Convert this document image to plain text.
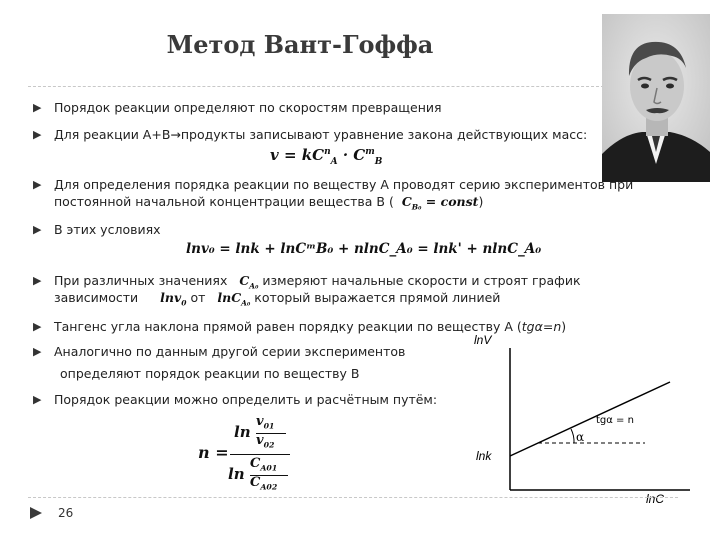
Метод Вант-Гоффа
▶ Порядок реакции определяют по скоростям превращения
▶ Для реакции A+B→продукты записывают уравнение закона действующих масс:
$v = kC^n_A \cdot C^m_B$
▶ Для определения порядка реакции по веществу A проводят серию экспериментов при
постоянной начальной концентрации вещества B ( $C_{B_0}$ = const)
▶ В этих условиях
lnv₀ = lnk + lnCᵐB₀ + nlnC_A₀ = lnk' + nlnC_A₀
▶ При различных значениях $C_{A_0}$ измеряют начальные скорости и строят график
зависимости lnv$_0$ от lnC$_{A_0}$ который выражается прямой линией
▶ Тангенс угла наклона прямой равен порядку реакции по веществу A (tgα=n)
▶ Аналогично по данным другой серии экспериментов
определяют порядок реакции по веществу B
▶ Порядок реакции можно определить и расчётным путём:
n =
ln
$v_{01}$
$v_{02}$
ln
$C_{A01}$
$C_{A02}$
lnV
lnk
α
tgα = n
lnC
26
